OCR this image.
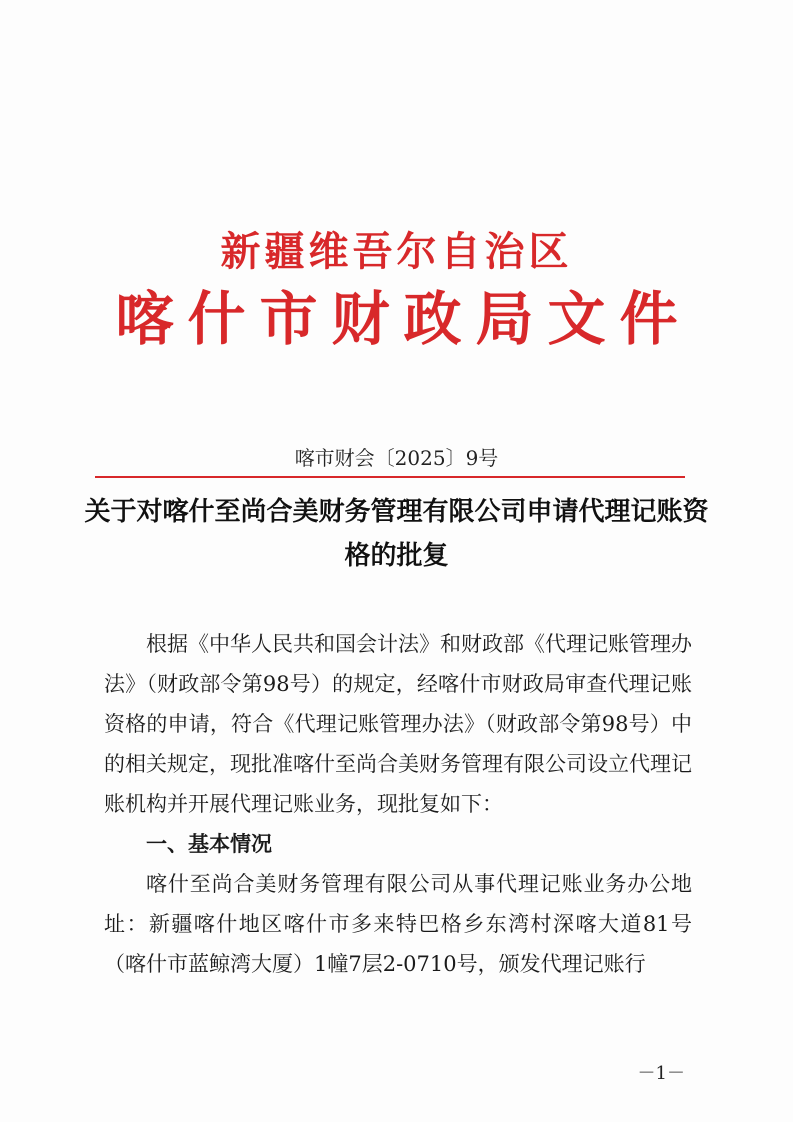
新疆维吾尔自治区
喀什市财政局文件
喀市财会〔2025〕9号
关于对喀什至尚合美财务管理有限公司申请代理记账资格的批复

根据《中华人民共和国会计法》和财政部《代理记账管理办法》（财政部令第98号）的规定，经喀什市财政局审查代理记账资格的申请，符合《代理记账管理办法》（财政部令第98号）中的相关规定，现批准喀什至尚合美财务管理有限公司设立代理记账机构并开展代理记账业务，现批复如下：

一、基本情况

喀什至尚合美财务管理有限公司从事代理记账业务办公地址：新疆喀什地区喀什市多来特巴格乡东湾村深喀大道81号（喀什市蓝鲸湾大厦）1幢7层2-0710号，颁发代理记账行

－1－
